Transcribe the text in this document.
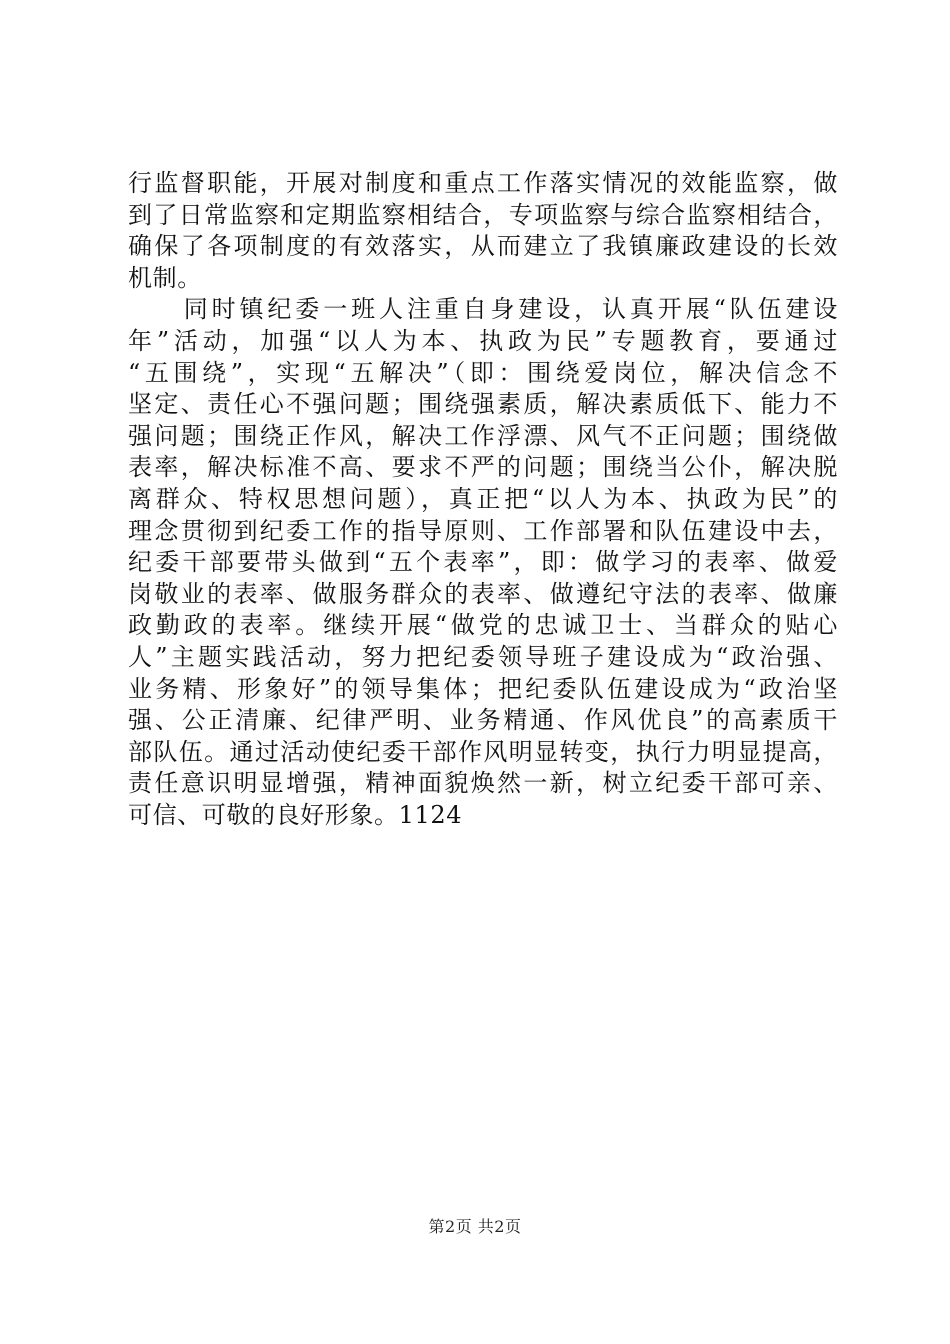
行监督职能，开展对制度和重点工作落实情况的效能监察，做
到了日常监察和定期监察相结合，专项监察与综合监察相结合，
确保了各项制度的有效落实，从而建立了我镇廉政建设的长效
机制。
　　同时镇纪委一班人注重自身建设，认真开展“队伍建设
年”活动，加强“以人为本、执政为民”专题教育，要通过
“五围绕”，实现“五解决”（即：围绕爱岗位，解决信念不
坚定、责任心不强问题；围绕强素质，解决素质低下、能力不
强问题；围绕正作风，解决工作浮漂、风气不正问题；围绕做
表率，解决标准不高、要求不严的问题；围绕当公仆，解决脱
离群众、特权思想问题），真正把“以人为本、执政为民”的
理念贯彻到纪委工作的指导原则、工作部署和队伍建设中去，
纪委干部要带头做到“五个表率”，即：做学习的表率、做爱
岗敬业的表率、做服务群众的表率、做遵纪守法的表率、做廉
政勤政的表率。继续开展“做党的忠诚卫士、当群众的贴心
人”主题实践活动，努力把纪委领导班子建设成为“政治强、
业务精、形象好”的领导集体；把纪委队伍建设成为“政治坚
强、公正清廉、纪律严明、业务精通、作风优良”的高素质干
部队伍。通过活动使纪委干部作风明显转变，执行力明显提高，
责任意识明显增强，精神面貌焕然一新，树立纪委干部可亲、
可信、可敬的良好形象。1124
第2页 共2页
